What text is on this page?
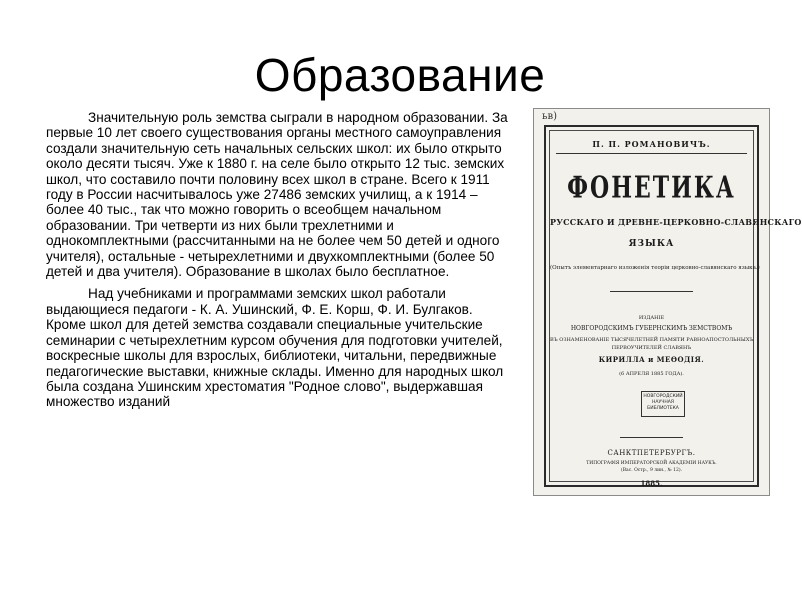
Образование

Значительную роль земства сыграли в народном образовании. За первые 10 лет своего существования органы местного самоуправления создали значительную сеть начальных сельских школ: их было открыто около десяти тысяч. Уже к 1880 г. на селе было открыто 12 тыс. земских школ, что составило почти половину всех школ в стране. Всего к 1911 году в России насчитывалось уже 27486 земских училищ, а к 1914 – более 40 тыс., так что можно говорить о всеобщем начальном образовании. Три четверти из них были трехлетними и однокомплектными (рассчитанными на не более чем 50 детей и одного учителя), остальные - четырехлетними и двухкомплектными (более 50 детей и два учителя). Образование в школах было бесплатное.

Над учебниками и программами земских школ работали выдающиеся педагоги - К. А. Ушинский, Ф. Е. Корш, Ф. И. Булгаков. Кроме школ для детей земства создавали специальные учительские семинарии с четырехлетним курсом обучения для подготовки учителей, воскресные школы для взрослых, библиотеки, читальни, передвижные педагогические выставки, книжные склады. Именно для народных школ была создана Ушинским хрестоматия "Родное слово", выдержавшая множество изданий

ьв)
П. П. РОМАНОВИЧЪ.
ФОНЕТИКА
РУССКАГО И ДРЕВНЕ-ЦЕРКОВНО-СЛАВЯНСКАГО
ЯЗЫКА
(Опытъ элементарнаго изложенія теоріи церковно-славянскаго языка.)
ИЗДАНІЕ
НОВГОРОДСКИМЪ ГУБЕРНСКИМЪ ЗЕМСТВОМЪ
ВЪ ОЗНАМЕНОВАНІЕ ТЫСЯЧЕЛЕТНЕЙ ПАМЯТИ РАВНОАПОСТОЛЬНЫХЪ
ПЕРВОУЧИТЕЛЕЙ СЛАВЯНЪ
КИРИЛЛА и МЕѲОДІЯ.
(6 АПРЕЛЯ 1885 ГОДА).
НОВГОРОДСКИЙ НАУЧНАЯ БИБЛИОТЕКА
САНКТПЕТЕРБУРГЪ.
ТИПОГРАФІЯ ИМПЕРАТОРСКОЙ АКАДЕМІИ НАУКЪ.
(Вас. Остр., 9 лин., № 12).
1885.
